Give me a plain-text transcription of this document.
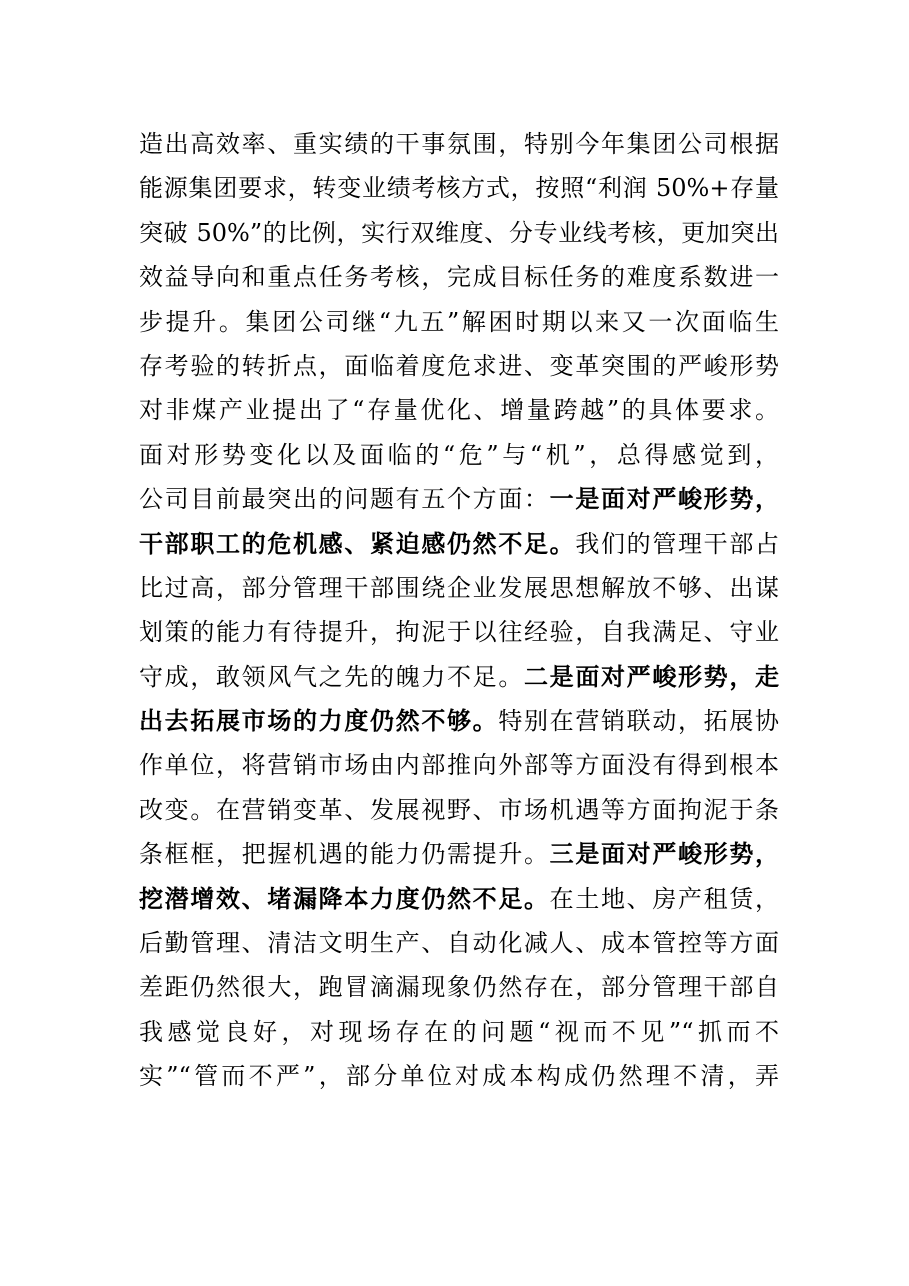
造出高效率、重实绩的干事氛围，特别今年集团公司根据
能源集团要求，转变业绩考核方式，按照“利润 50%+存量
突破 50%”的比例，实行双维度、分专业线考核，更加突出
效益导向和重点任务考核，完成目标任务的难度系数进一
步提升。集团公司继“九五”解困时期以来又一次面临生
存考验的转折点，面临着度危求进、变革突围的严峻形势
对非煤产业提出了“存量优化、增量跨越”的具体要求。
面对形势变化以及面临的“危”与“机”，总得感觉到，
公司目前最突出的问题有五个方面：一是面对严峻形势，
干部职工的危机感、紧迫感仍然不足。我们的管理干部占
比过高，部分管理干部围绕企业发展思想解放不够、出谋
划策的能力有待提升，拘泥于以往经验，自我满足、守业
守成，敢领风气之先的魄力不足。二是面对严峻形势，走
出去拓展市场的力度仍然不够。特别在营销联动，拓展协
作单位，将营销市场由内部推向外部等方面没有得到根本
改变。在营销变革、发展视野、市场机遇等方面拘泥于条
条框框，把握机遇的能力仍需提升。三是面对严峻形势，
挖潜增效、堵漏降本力度仍然不足。在土地、房产租赁，
后勤管理、清洁文明生产、自动化减人、成本管控等方面
差距仍然很大，跑冒滴漏现象仍然存在，部分管理干部自
我感觉良好，对现场存在的问题“视而不见”“抓而不
实”“管而不严”，部分单位对成本构成仍然理不清，弄
